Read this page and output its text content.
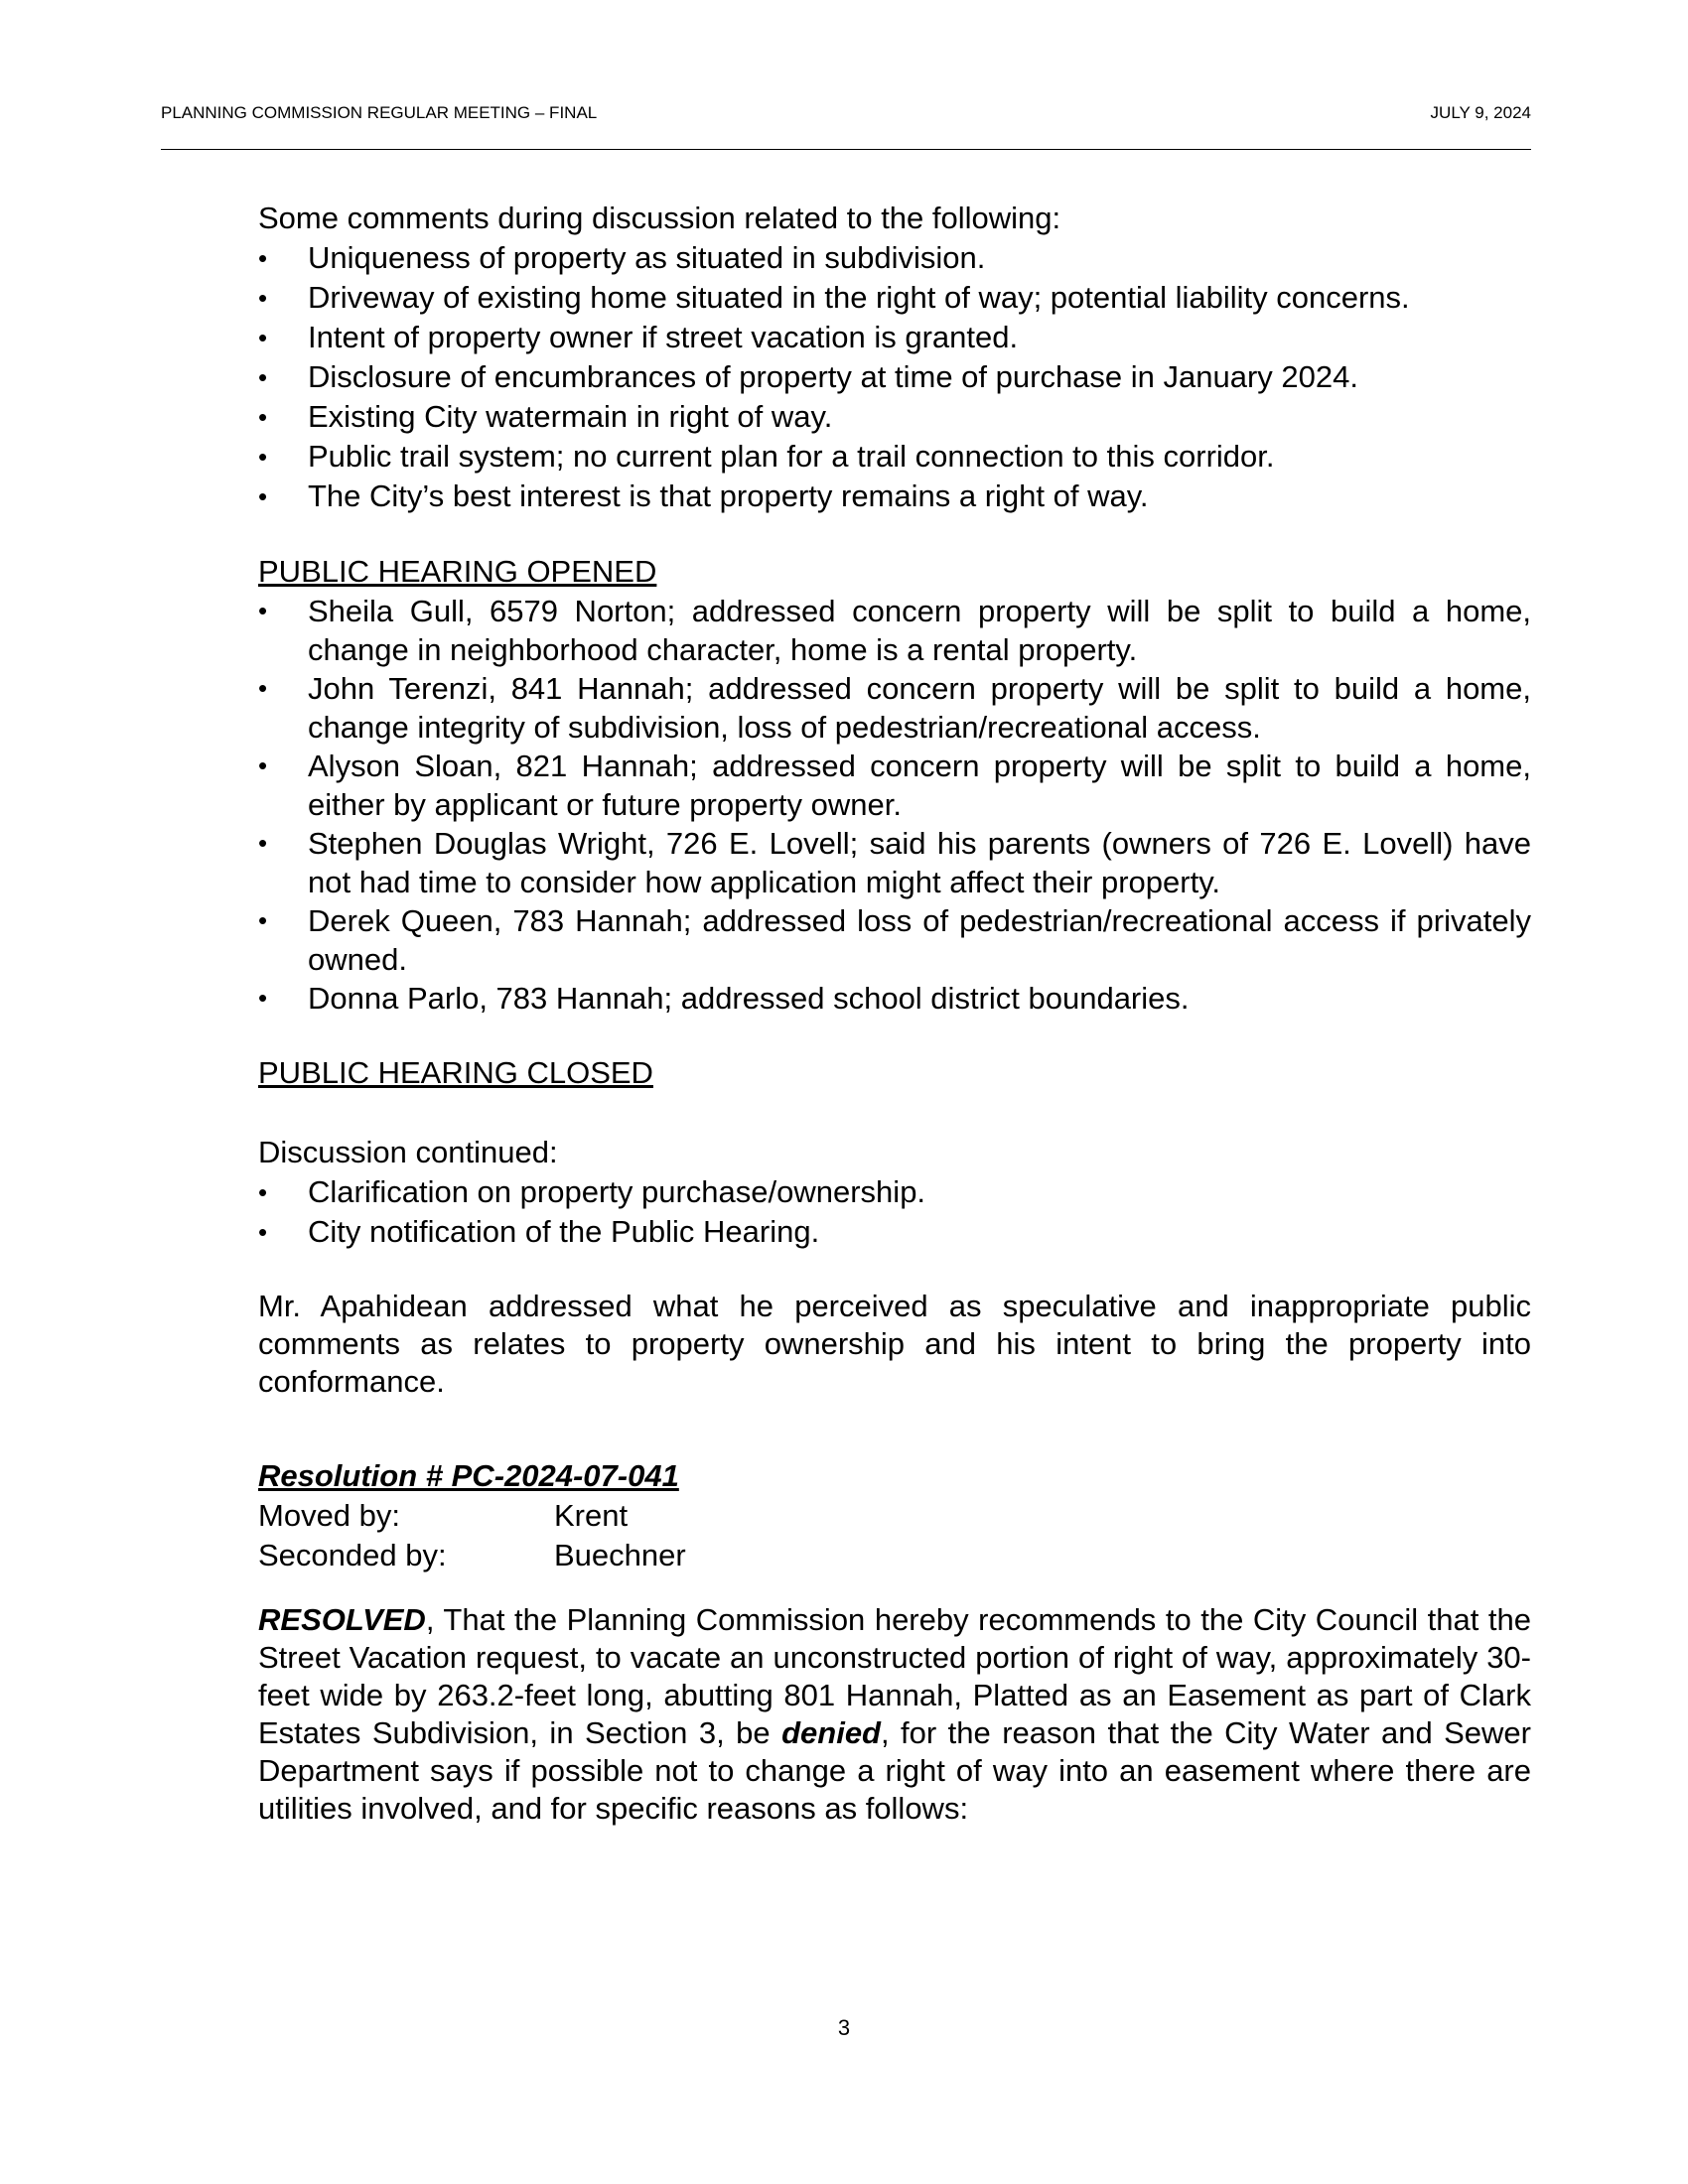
PLANNING COMMISSION REGULAR MEETING – FINAL	JULY 9, 2024

Some comments during discussion related to the following:

•	Uniqueness of property as situated in subdivision.
•	Driveway of existing home situated in the right of way; potential liability concerns.
•	Intent of property owner if street vacation is granted.
•	Disclosure of encumbrances of property at time of purchase in January 2024.
•	Existing City watermain in right of way.
•	Public trail system; no current plan for a trail connection to this corridor.
•	The City’s best interest is that property remains a right of way.

PUBLIC HEARING OPENED

•	Sheila Gull, 6579 Norton; addressed concern property will be split to build a home, change in neighborhood character, home is a rental property.
•	John Terenzi, 841 Hannah; addressed concern property will be split to build a home, change integrity of subdivision, loss of pedestrian/recreational access.
•	Alyson Sloan, 821 Hannah; addressed concern property will be split to build a home, either by applicant or future property owner.
•	Stephen Douglas Wright, 726 E. Lovell; said his parents (owners of 726 E. Lovell) have not had time to consider how application might affect their property.
•	Derek Queen, 783 Hannah; addressed loss of pedestrian/recreational access if privately owned.
•	Donna Parlo, 783 Hannah; addressed school district boundaries.

PUBLIC HEARING CLOSED

Discussion continued:

•	Clarification on property purchase/ownership.
•	City notification of the Public Hearing.

Mr. Apahidean addressed what he perceived as speculative and inappropriate public comments as relates to property ownership and his intent to bring the property into conformance.

Resolution # PC-2024-07-041

Moved by:	Krent
Seconded by:	Buechner

RESOLVED, That the Planning Commission hereby recommends to the City Council that the Street Vacation request, to vacate an unconstructed portion of right of way, approximately 30-feet wide by 263.2-feet long, abutting 801 Hannah, Platted as an Easement as part of Clark Estates Subdivision, in Section 3, be denied, for the reason that the City Water and Sewer Department says if possible not to change a right of way into an easement where there are utilities involved, and for specific reasons as follows:

3
